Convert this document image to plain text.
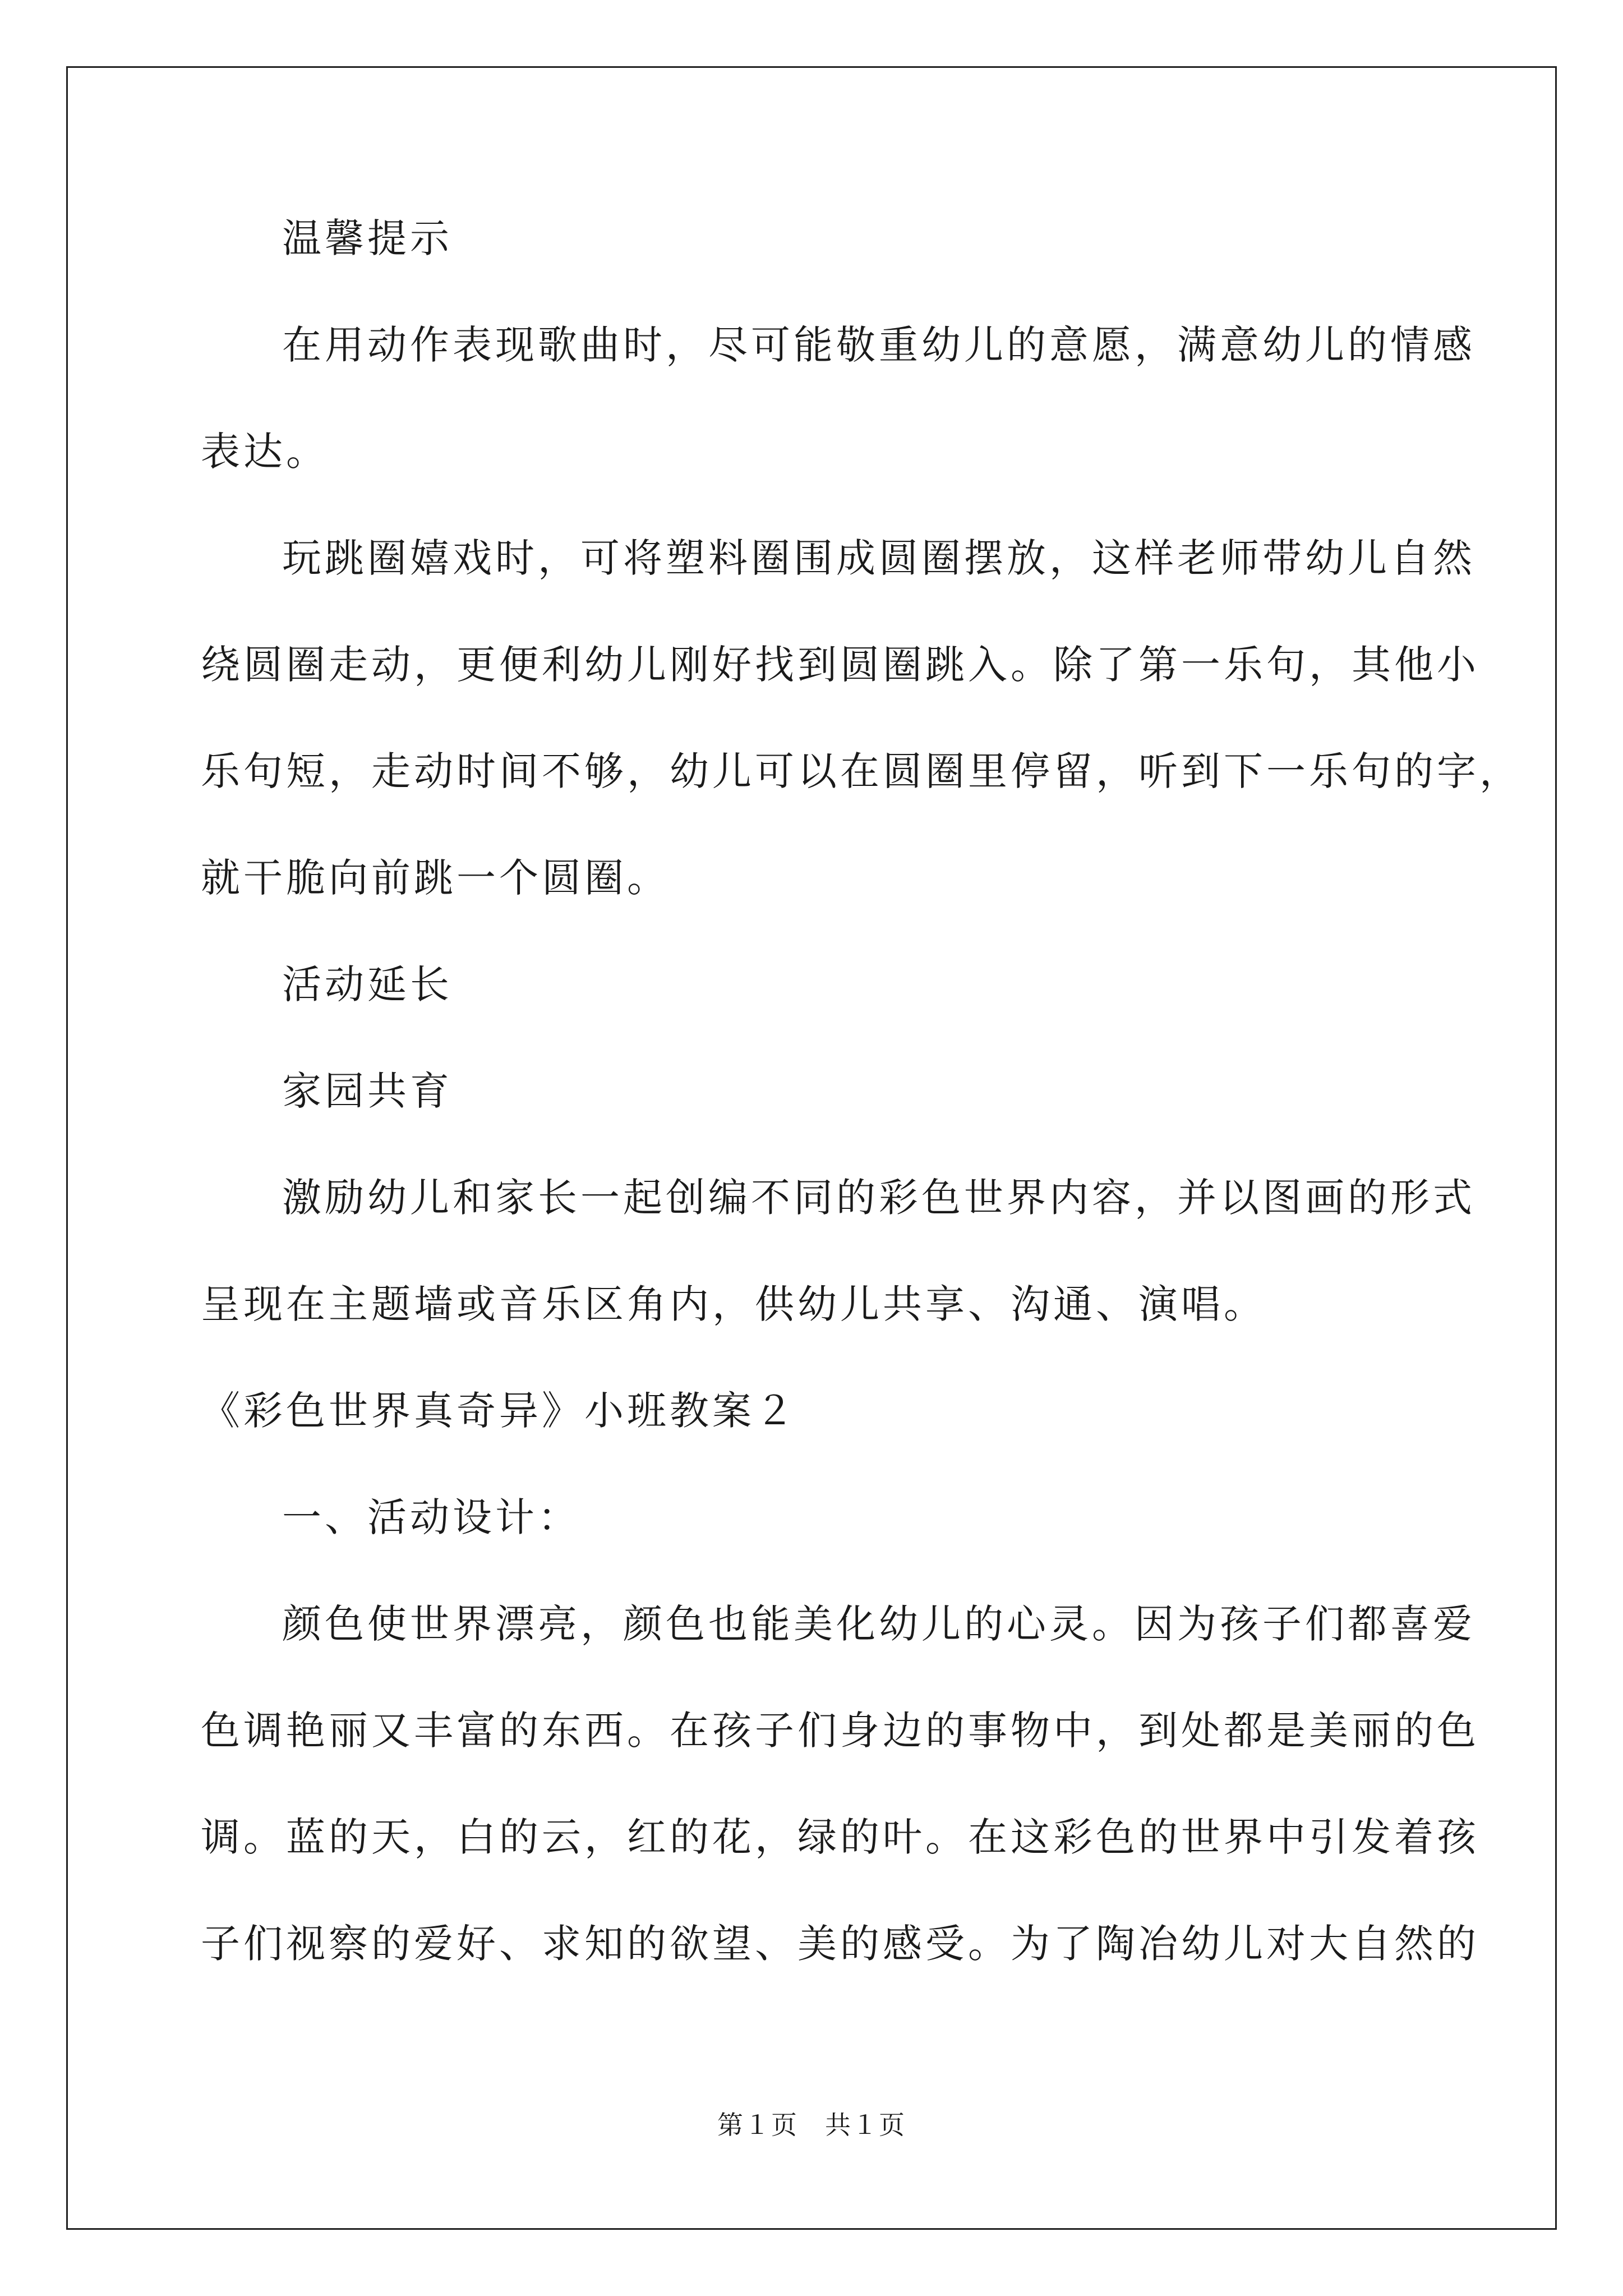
温馨提示
在用动作表现歌曲时，尽可能敬重幼儿的意愿，满意幼儿的情感
表达。
玩跳圈嬉戏时，可将塑料圈围成圆圈摆放，这样老师带幼儿自然
绕圆圈走动，更便利幼儿刚好找到圆圈跳入。除了第一乐句，其他小
乐句短，走动时间不够，幼儿可以在圆圈里停留，听到下一乐句的字，
就干脆向前跳一个圆圈。
活动延长
家园共育
激励幼儿和家长一起创编不同的彩色世界内容，并以图画的形式
呈现在主题墙或音乐区角内，供幼儿共享、沟通、演唱。
《彩色世界真奇异》小班教案２
一、活动设计：
颜色使世界漂亮，颜色也能美化幼儿的心灵。因为孩子们都喜爱
色调艳丽又丰富的东西。在孩子们身边的事物中，到处都是美丽的色
调。蓝的天，白的云，红的花，绿的叶。在这彩色的世界中引发着孩
子们视察的爱好、求知的欲望、美的感受。为了陶冶幼儿对大自然的
第１页 共１页
